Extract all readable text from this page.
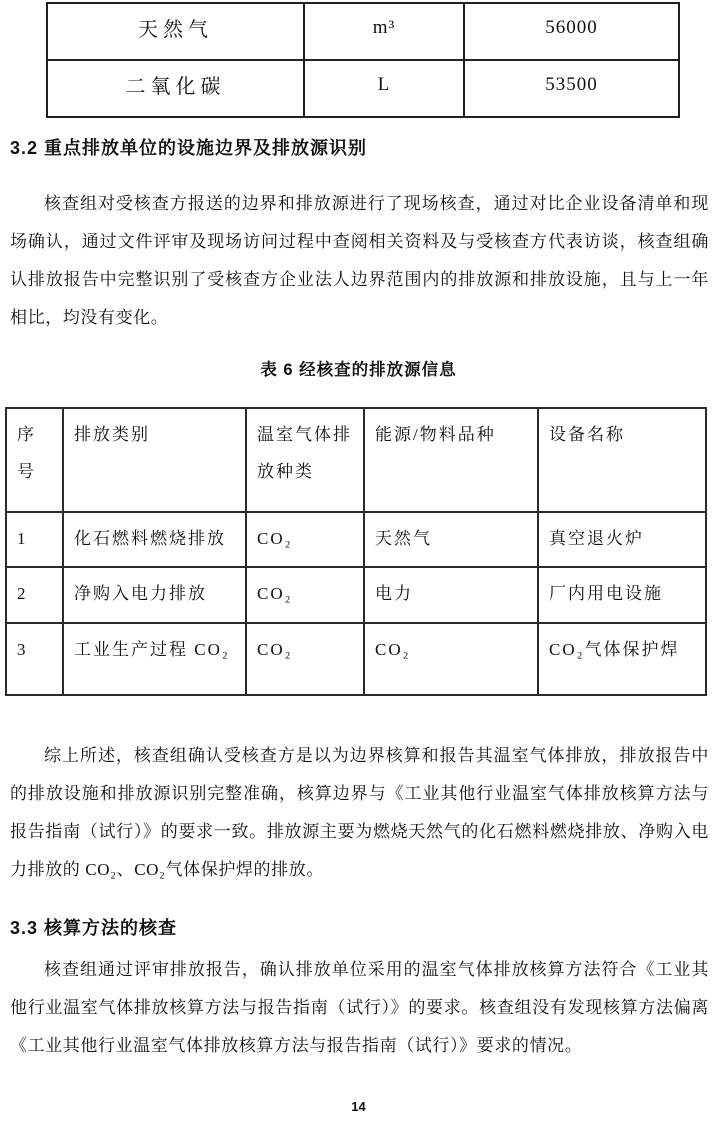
天然气	m³	56000
二氧化碳	L	53500
3.2 重点排放单位的设施边界及排放源识别
核查组对受核查方报送的边界和排放源进行了现场核查，通过对比企业设备清单和现场确认，通过文件评审及现场访问过程中查阅相关资料及与受核查方代表访谈，核查组确认排放报告中完整识别了受核查方企业法人边界范围内的排放源和排放设施，且与上一年相比，均没有变化。
表 6 经核查的排放源信息
序号	排放类别	温室气体排放种类	能源/物料品种	设备名称
1	化石燃料燃烧排放	CO₂	天然气	真空退火炉
2	净购入电力排放	CO₂	电力	厂内用电设施
3	工业生产过程 CO₂	CO₂	CO₂	CO₂气体保护焊
综上所述，核查组确认受核查方是以为边界核算和报告其温室气体排放，排放报告中的排放设施和排放源识别完整准确，核算边界与《工业其他行业温室气体排放核算方法与报告指南（试行）》的要求一致。排放源主要为燃烧天然气的化石燃料燃烧排放、净购入电力排放的 CO₂、CO₂气体保护焊的排放。
3.3 核算方法的核查
核查组通过评审排放报告，确认排放单位采用的温室气体排放核算方法符合《工业其他行业温室气体排放核算方法与报告指南（试行）》的要求。核查组没有发现核算方法偏离《工业其他行业温室气体排放核算方法与报告指南（试行）》要求的情况。
14
